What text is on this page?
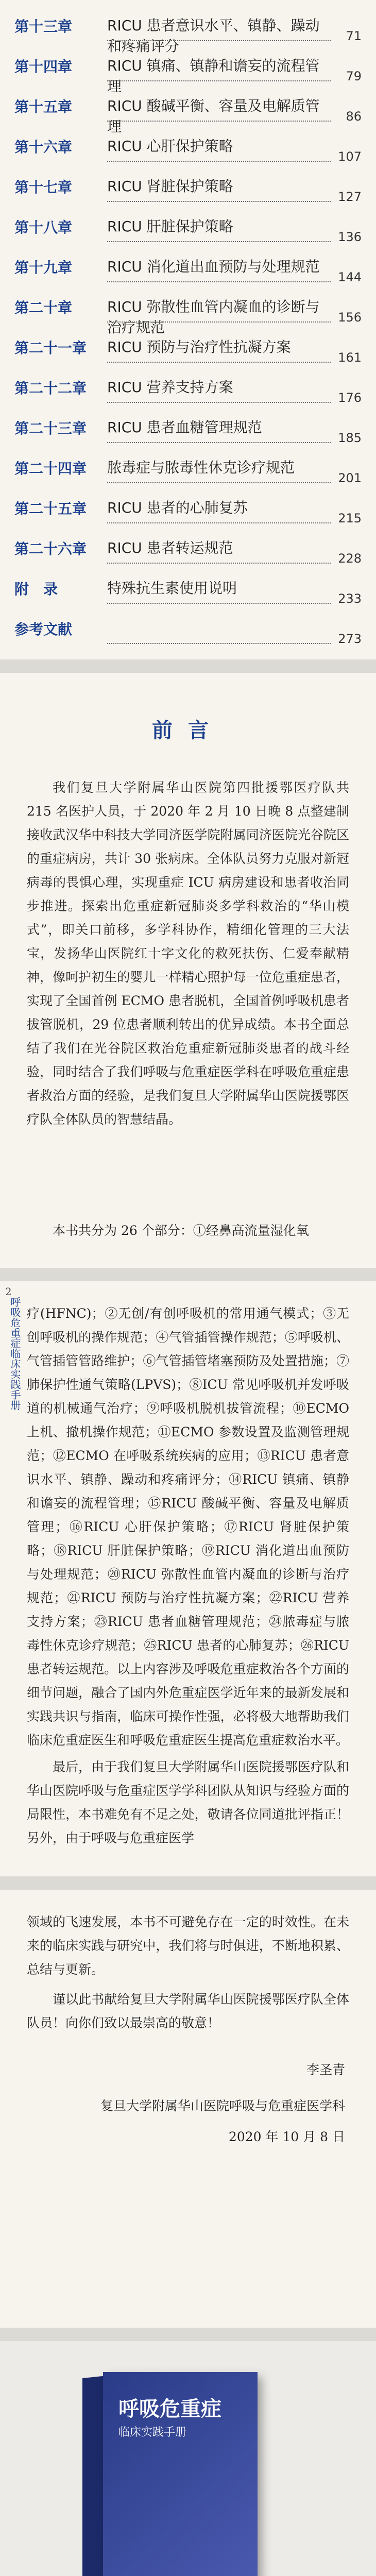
第十三章 RICU 患者意识水平、镇静、躁动和疼痛评分
71
第十四章 RICU 镇痛、镇静和谵妄的流程管理
79
第十五章 RICU 酸碱平衡、容量及电解质管理
86
第十六章 RICU 心肝保护策略
107
第十七章 RICU 肾脏保护策略
127
第十八章 RICU 肝脏保护策略
136
第十九章 RICU 消化道出血预防与处理规范
144
第二十章 RICU 弥散性血管内凝血的诊断与治疗规范
156
第二十一章 RICU 预防与治疗性抗凝方案
161
第二十二章 RICU 营养支持方案
176
第二十三章 RICU 患者血糖管理规范
185
第二十四章 脓毒症与脓毒性休克诊疗规范
201
第二十五章 RICU 患者的心肺复苏
215
第二十六章 RICU 患者转运规范
228
附　录	特殊抗生素使用说明
233
参考文献
273
前言
我们复旦大学附属华山医院第四批援鄂医疗队共 215 名医护人员，于 2020 年 2 月 10 日晚 8 点整建制接收武汉华中科技大学同济医学院附属同济医院光谷院区的重症病房，共计 30 张病床。全体队员努力克服对新冠病毒的畏惧心理，实现重症 ICU 病房建设和患者收治同步推进。探索出危重症新冠肺炎多学科救治的“华山模式”，即关口前移，多学科协作，精细化管理的三大法宝，发扬华山医院红十字文化的救死扶伤、仁爱奉献精神，像呵护初生的婴儿一样精心照护每一位危重症患者，实现了全国首例 ECMO 患者脱机，全国首例呼吸机患者拔管脱机，29 位患者顺利转出的优异成绩。本书全面总结了我们在光谷院区救治危重症新冠肺炎患者的战斗经验，同时结合了我们呼吸与危重症医学科在呼吸危重症患者救治方面的经验，是我们复旦大学附属华山医院援鄂医疗队全体队员的智慧结晶。
本书共分为 26 个部分：①经鼻高流量湿化氧
2
呼吸危重症临床实践手册 疗(HFNC)；②无创/有创呼吸机的常用通气模式；③无创呼吸机的操作规范；④气管插管操作规范；⑤呼吸机、气管插管管路维护；⑥气管插管堵塞预防及处置措施；⑦肺保护性通气策略(LPVS)；⑧ICU 常见呼吸机并发呼吸道的机械通气治疗；⑨呼吸机脱机拔管流程；⑩ECMO 上机、撤机操作规范；⑪ECMO 参数设置及监测管理规范；⑫ECMO 在呼吸系统疾病的应用；⑬RICU 患者意识水平、镇静、躁动和疼痛评分；⑭RICU 镇痛、镇静和谵妄的流程管理；⑮RICU 酸碱平衡、容量及电解质管理；⑯RICU 心肝保护策略；⑰RICU 肾脏保护策略；⑱RICU 肝脏保护策略；⑲RICU 消化道出血预防与处理规范；⑳RICU 弥散性血管内凝血的诊断与治疗规范；㉑RICU 预防与治疗性抗凝方案；㉒RICU 营养支持方案；㉓RICU 患者血糖管理规范；㉔脓毒症与脓毒性休克诊疗规范；㉕RICU 患者的心肺复苏；㉖RICU 患者转运规范。以上内容涉及呼吸危重症救治各个方面的细节问题，融合了国内外危重症医学近年来的最新发展和实践共识与指南，临床可操作性强，必将极大地帮助我们临床危重症医生和呼吸危重症医生提高危重症救治水平。
最后，由于我们复旦大学附属华山医院援鄂医疗队和华山医院呼吸与危重症医学学科团队从知识与经验方面的局限性，本书难免有不足之处，敬请各位同道批评指正！另外，由于呼吸与危重症医学
领域的飞速发展，本书不可避免存在一定的时效性。在未来的临床实践与研究中，我们将与时俱进，不断地积累、总结与更新。
谨以此书献给复旦大学附属华山医院援鄂医疗队全体队员！向你们致以最崇高的敬意！
李圣青
复旦大学附属华山医院呼吸与危重症医学科
2020 年 10 月 8 日
呼吸危重症
临床实践手册
